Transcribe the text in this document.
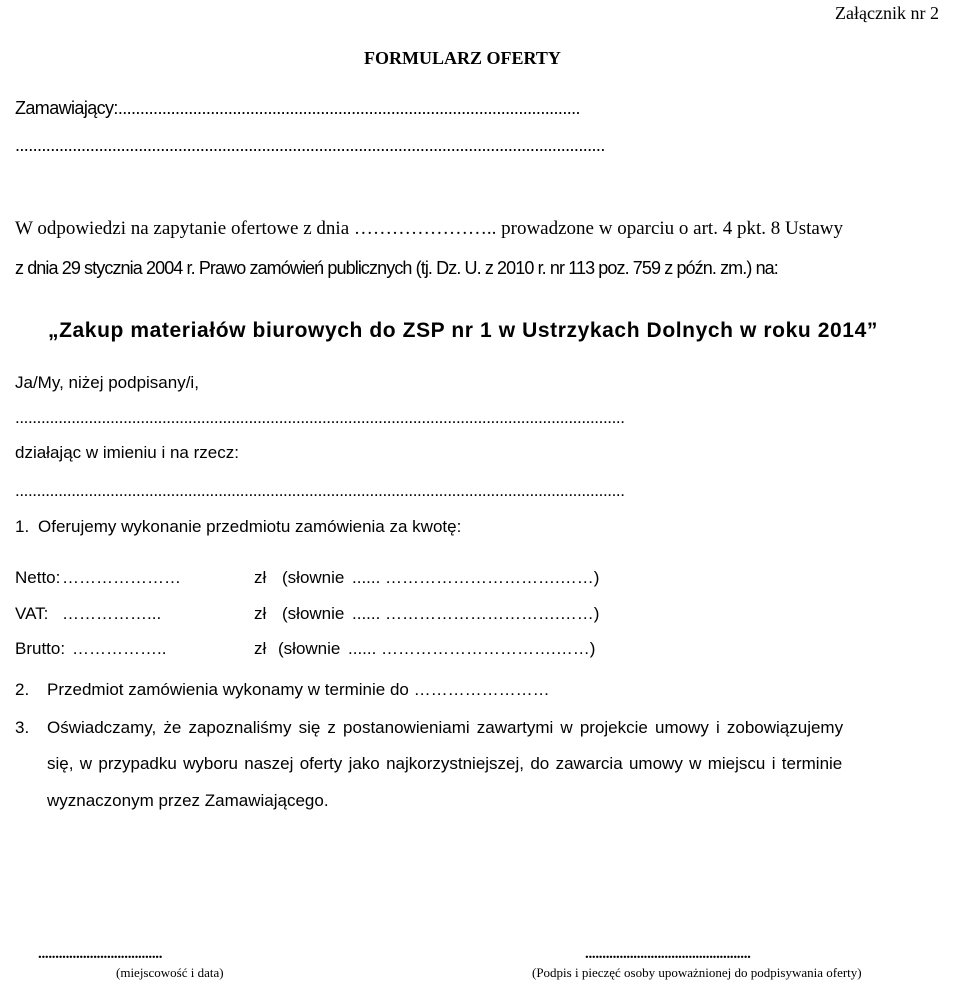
Załącznik nr 2
FORMULARZ OFERTY
Zamawiający:.........................................................................................................
......................................................................................................................................
W odpowiedzi na zapytanie ofertowe z dnia ………………….. prowadzone w oparciu o art. 4 pkt. 8 Ustawy
z dnia 29 stycznia 2004 r. Prawo zamówień publicznych (tj. Dz. U. z 2010 r. nr 113 poz. 759 z późn. zm.) na:
„Zakup materiałów biurowych do ZSP nr 1 w Ustrzykach Dolnych w roku 2014”
Ja/My, niżej podpisany/i,
.............................................................................................................................................
działając w imieniu i na rzecz:
.............................................................................................................................................
1. Oferujemy wykonanie przedmiotu zamówienia za kwotę:
Netto: …………………	zł (słownie ...... ………………………….……)
VAT: ……………...	zł (słownie ...... ………………………….……)
Brutto: ……………..	zł (słownie ...... ………………………….……)
2. Przedmiot zamówienia wykonamy w terminie do ……………………
3. Oświadczamy, że zapoznaliśmy się z postanowieniami zawartymi w projekcie umowy i zobowiązujemy
się, w przypadku wyboru naszej oferty jako najkorzystniejszej, do zawarcia umowy w miejscu i terminie
wyznaczonym przez Zamawiającego.
....................................
(miejscowość i data)
................................................
(Podpis i pieczęć osoby upoważnionej do podpisywania oferty)
